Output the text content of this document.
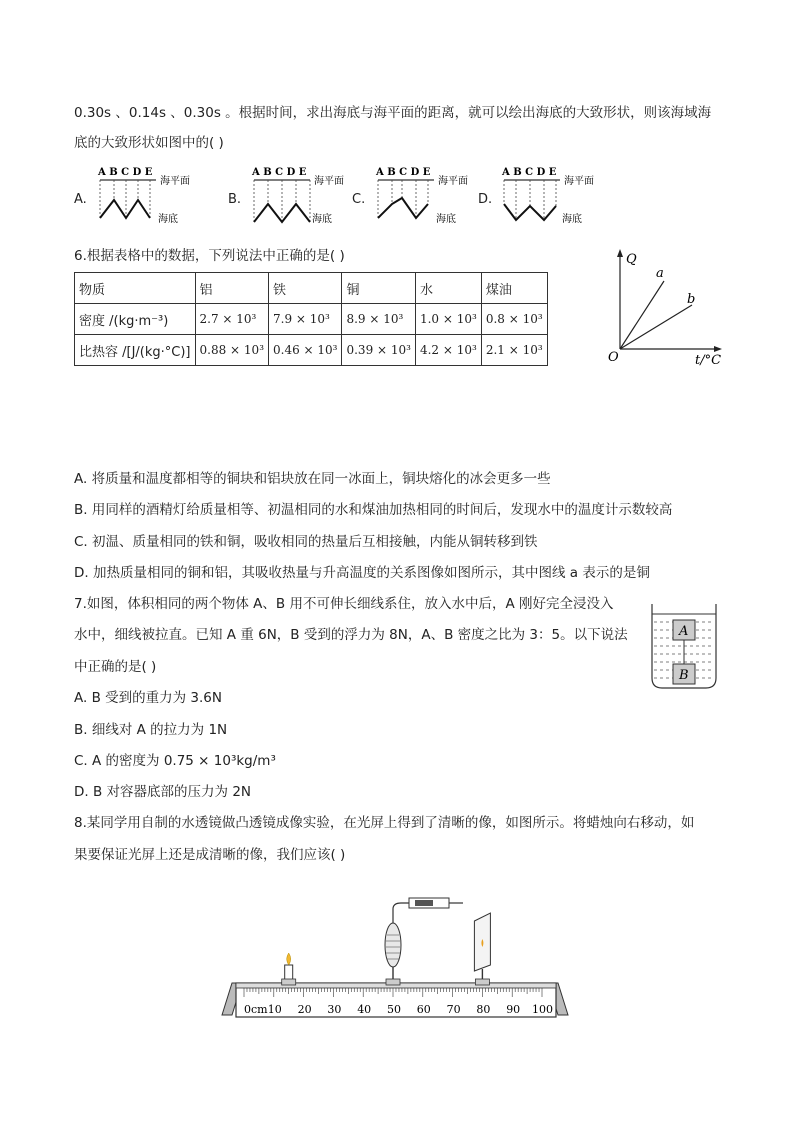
0.30s 、0.14s 、0.30s 。根据时间，求出海底与海平面的距离，就可以绘出海底的大致形状，则该海域海
底的大致形状如图中的( )
A.
A B C D E
海平面
海底
B.
A B C D E
海平面
海底
C.
A B C D E
海平面
海底
D.
A B C D E
海平面
海底
6.根据表格中的数据，下列说法中正确的是( )
物质	铝	铁	铜	水	煤油
密度 /(kg·m⁻³)	2.7 × 10³	7.9 × 10³	8.9 × 10³	1.0 × 10³	0.8 × 10³
比热容 /[J/(kg·°C)]	0.88 × 10³	0.46 × 10³	0.39 × 10³	4.2 × 10³	2.1 × 10³
Q
t/°C
O
a
b
A. 将质量和温度都相等的铜块和铝块放在同一冰面上，铜块熔化的冰会更多一些
B. 用同样的酒精灯给质量相等、初温相同的水和煤油加热相同的时间后，发现水中的温度计示数较高
C. 初温、质量相同的铁和铜，吸收相同的热量后互相接触，内能从铜转移到铁
D. 加热质量相同的铜和铝，其吸收热量与升高温度的关系图像如图所示，其中图线 a 表示的是铜
7.如图，体积相同的两个物体 A、B 用不可伸长细线系住，放入水中后，A 刚好完全浸没入
水中，细线被拉直。已知 A 重 6N，B 受到的浮力为 8N，A、B 密度之比为 3：5。以下说法
中正确的是( )
A
B
A. B 受到的重力为 3.6N
B. 细线对 A 的拉力为 1N
C. A 的密度为 0.75 × 10³kg/m³
D. B 对容器底部的压力为 2N
8.某同学用自制的水透镜做凸透镜成像实验，在光屏上得到了清晰的像，如图所示。将蜡烛向右移动，如
果要保证光屏上还是成清晰的像，我们应该( )
0cm 10 20 30 40 50 60 70 80 90 100
